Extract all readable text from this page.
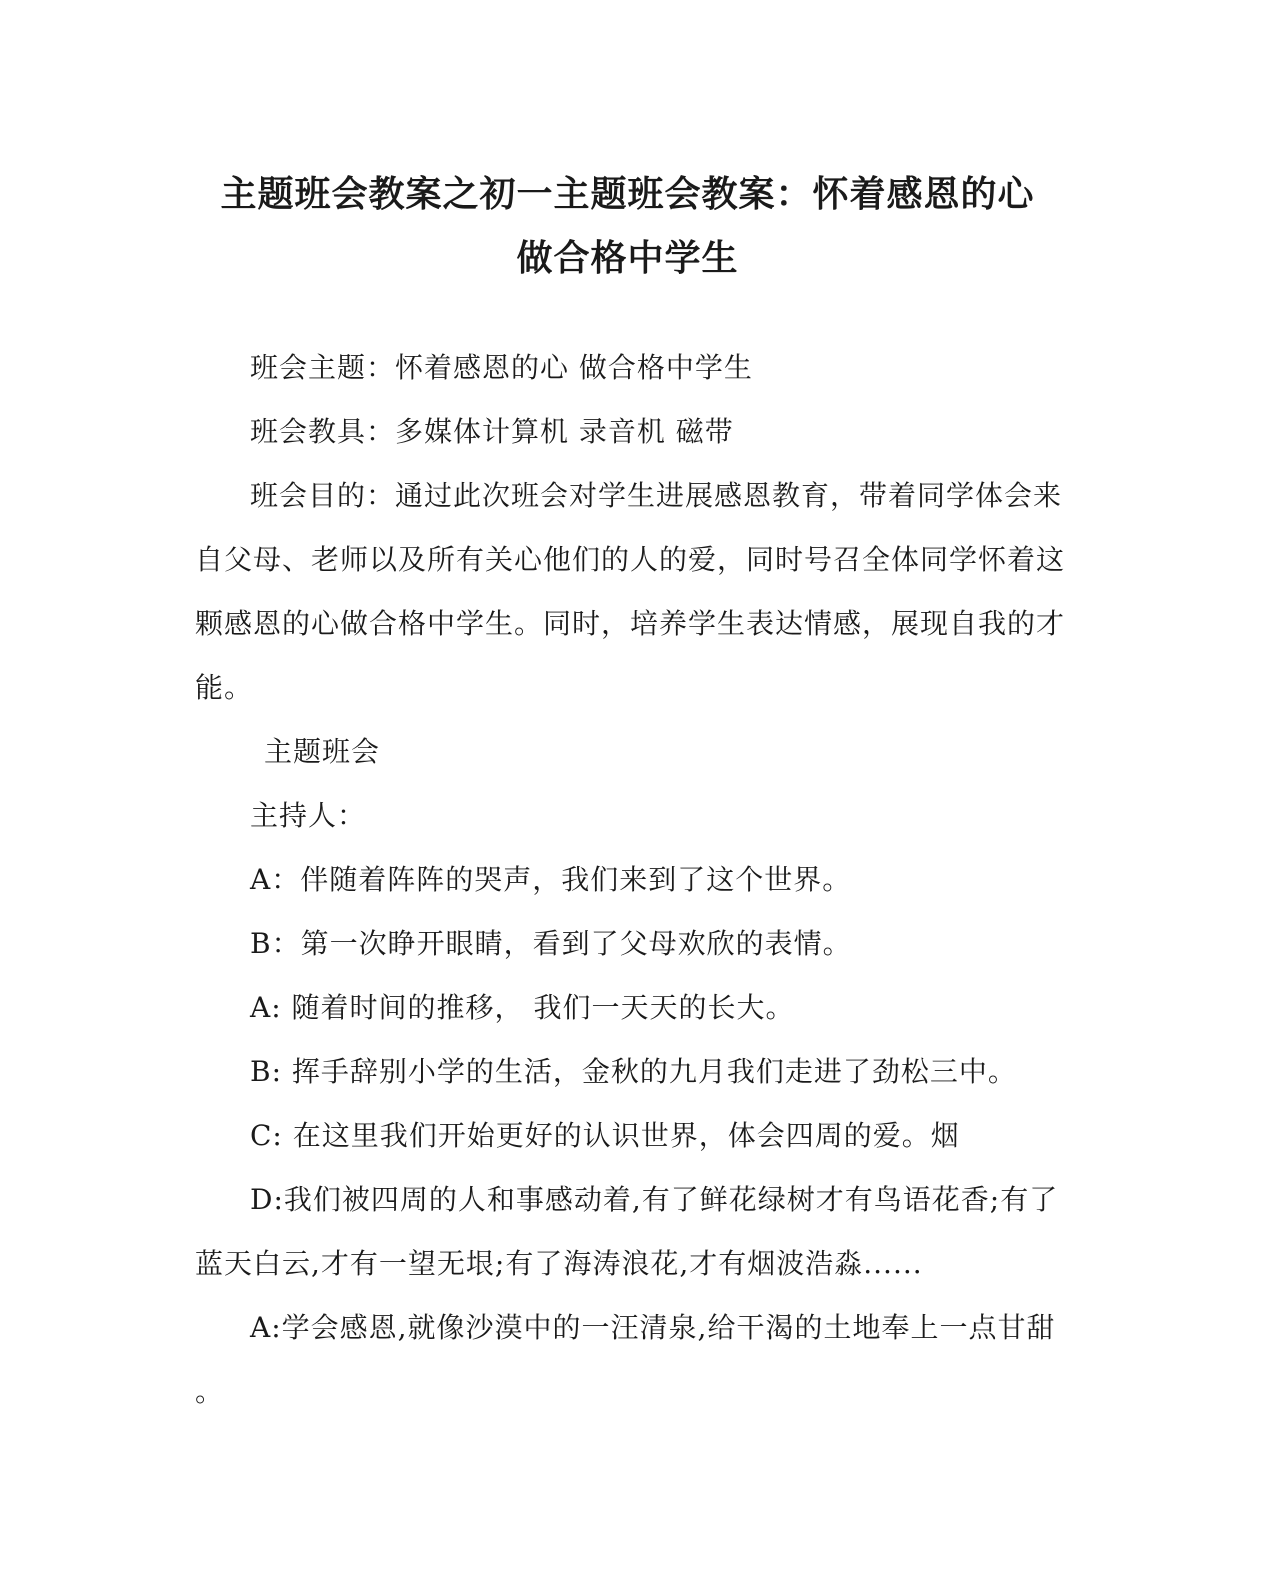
主题班会教案之初一主题班会教案：怀着感恩的心
做合格中学生
班会主题：怀着感恩的心 做合格中学生
班会教具：多媒体计算机 录音机 磁带
班会目的：通过此次班会对学生进展感恩教育，带着同学体会来
自父母、老师以及所有关心他们的人的爱，同时号召全体同学怀着这
颗感恩的心做合格中学生。同时，培养学生表达情感，展现自我的才
能。
主题班会
主持人：
A：伴随着阵阵的哭声，我们来到了这个世界。
B：第一次睁开眼睛，看到了父母欢欣的表情。
A: 随着时间的推移， 我们一天天的长大。
B: 挥手辞别小学的生活，金秋的九月我们走进了劲松三中。
C: 在这里我们开始更好的认识世界，体会四周的爱。烟
D:我们被四周的人和事感动着,有了鲜花绿树才有鸟语花香;有了
蓝天白云,才有一望无垠;有了海涛浪花,才有烟波浩淼......
A:学会感恩,就像沙漠中的一汪清泉,给干渴的土地奉上一点甘甜
。
